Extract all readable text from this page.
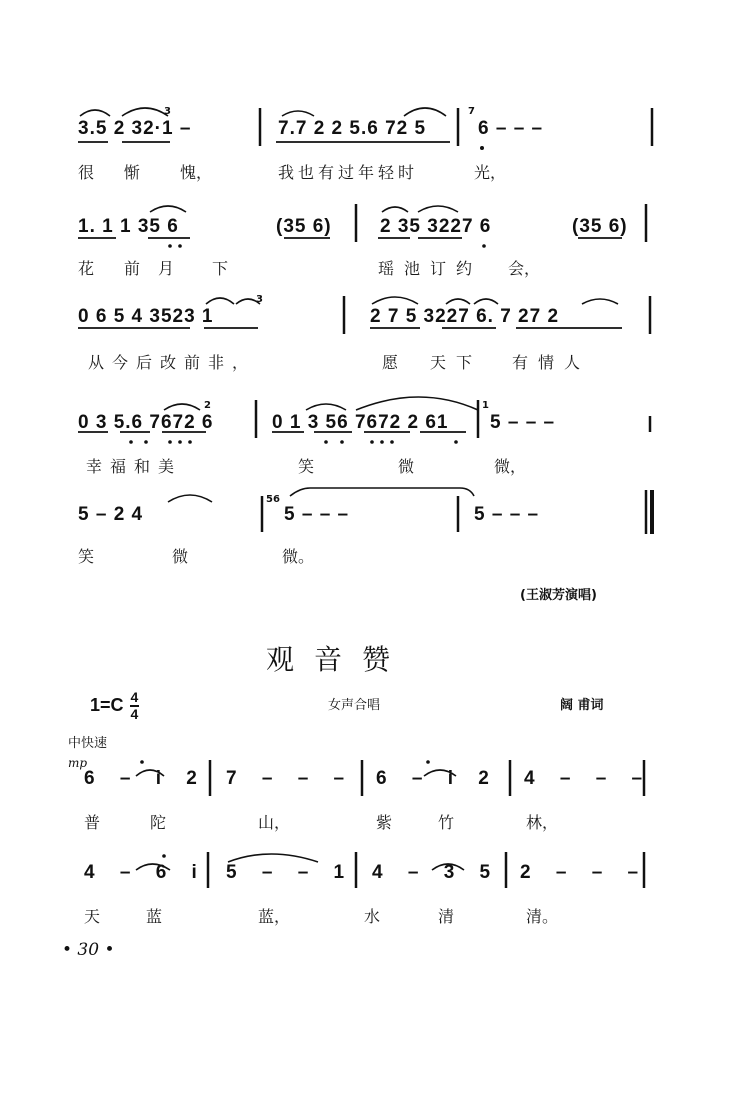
3.5 2 32·1 –	7.7 2 2 5.6 72 5	6 – – –
很 惭 愧，	我也有过年轻时	光，
1. 1 1 35 6	(35 6)	2 35 3227 6	(35 6)
花 前 月 下	瑶池 订约 会，
0 6 5 4 3523 1	2 7 5 3227 6. 7 27 2
从今后改前非，	愿 天下 有情人
0 3 5.6 7672 6	0 1 3 56 7672 2 61 5 – – –
幸福和美	笑	微	微，
5 – 2 4	5 – – –	5 – – –
笑	微	微。
(王淑芳演唱)
3	7
3
2	1
56
观音赞
$1=C \frac{4}{4}$	女声合唱	阔 甫词
中快速
mp
6 – i 2 7 – – – 6 – i 2 4 – – –
普	陀	山，	紫	竹	林，
4 – 6 i 5 – – 1 4 – 3 5 2 – – –
天	蓝	蓝，	水	清	清。
• 30 •
